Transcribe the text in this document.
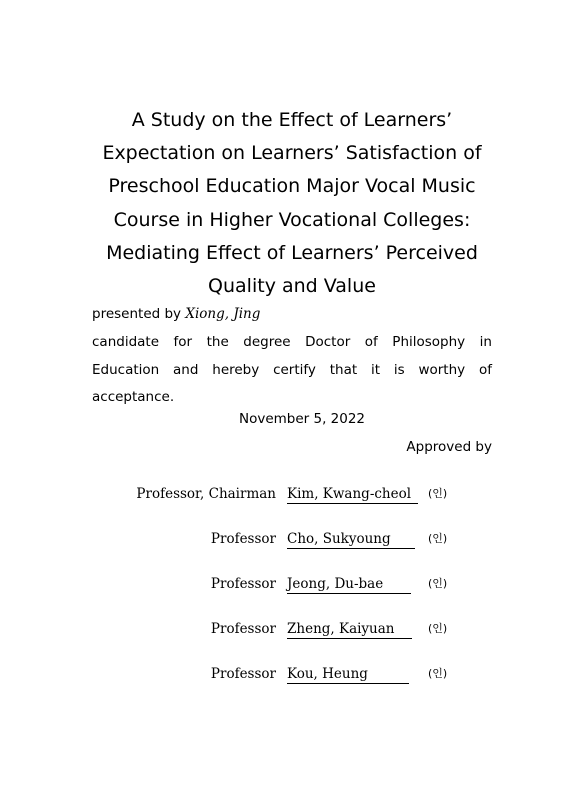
A Study on the Effect of Learners’
Expectation on Learners’ Satisfaction of
Preschool Education Major Vocal Music
Course in Higher Vocational Colleges:
Mediating Effect of Learners’ Perceived
Quality and Value
presented by Xiong, Jing
candidate for the degree Doctor of Philosophy in
Education and hereby certify that it is worthy of
acceptance.
November 5, 2022
Approved by
Professor, Chairman Kim, Kwang-cheol	(인)
Professor Cho, Sukyoung	(인)
Professor Jeong, Du-bae	(인)
Professor Zheng, Kaiyuan	(인)
Professor Kou, Heung	(인)
